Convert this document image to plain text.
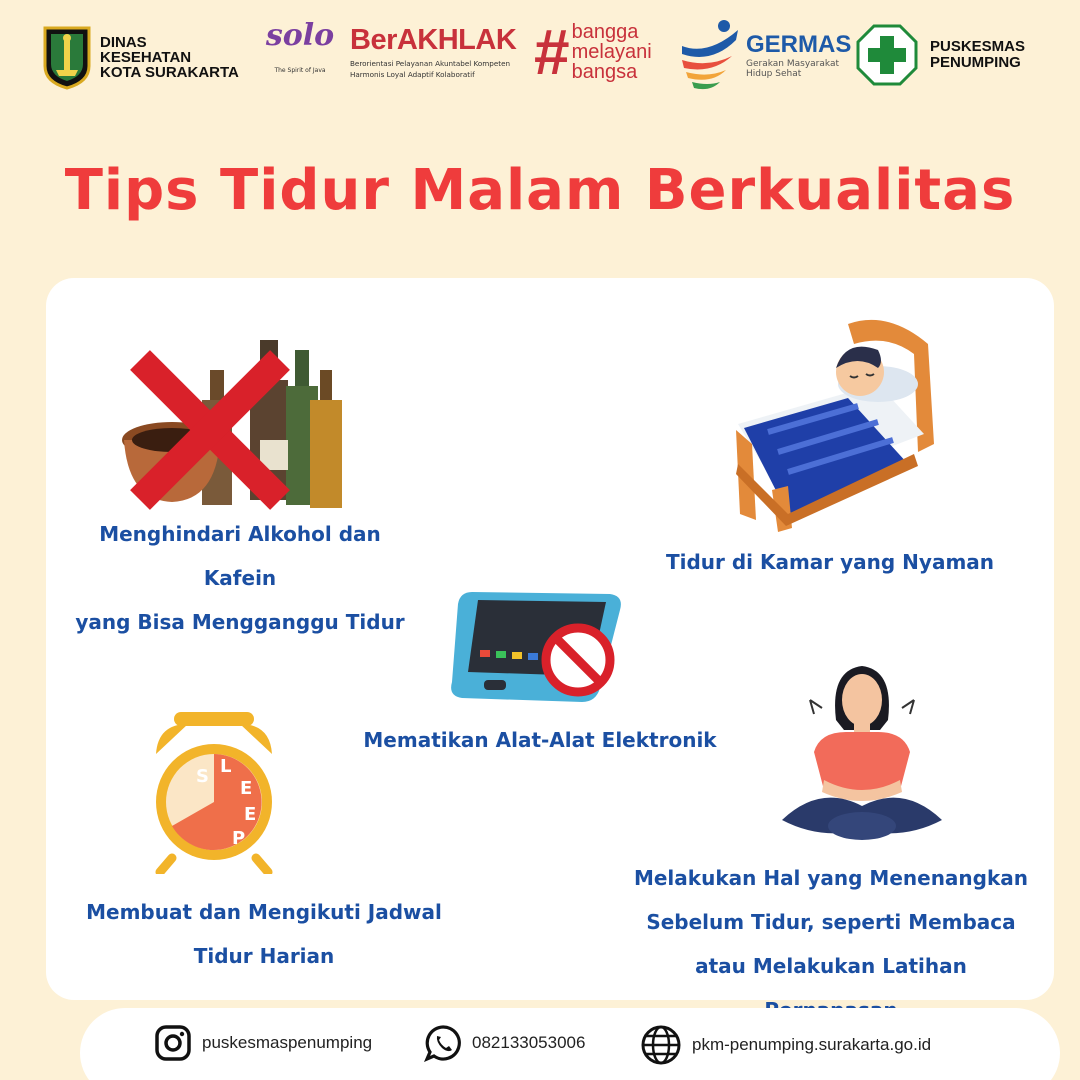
DINAS
KESEHATAN
KOTA SURAKARTA
solo
The Spirit of Java
BerAKHLAK
Berorientasi Pelayanan Akuntabel Kompeten
Harmonis Loyal Adaptif Kolaboratif # bangga
melayani
bangsa
GERMAS
Gerakan Masyarakat
Hidup Sehat
PUSKESMAS
PENUMPING
Tips Tidur Malam Berkualitas
Menghindari Alkohol dan Kafein
yang Bisa Mengganggu Tidur
Tidur di Kamar yang Nyaman
Mematikan Alat-Alat Elektronik
S L
E
E
P
Membuat dan Mengikuti Jadwal
Tidur Harian
Melakukan Hal yang Menenangkan
Sebelum Tidur, seperti Membaca
atau Melakukan Latihan
puskesmaspenumping	082133053006	pkm-penumping.surakarta.go.id
